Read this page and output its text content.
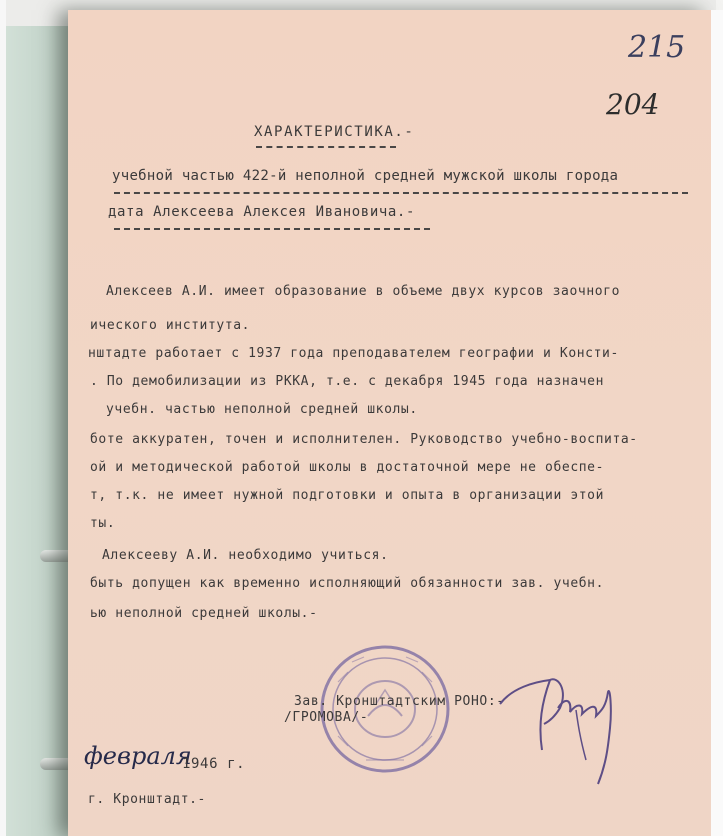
215

204

ХАРАКТЕРИСТИКА.-

учебной частью 422-й неполной средней мужской школы города

дата Алексеева Алексея Ивановича.-

Алексеев А.И. имеет образование в объеме двух курсов заочного

ического института.

нштадте работает с 1937 года преподавателем географии и Консти-

. По демобилизации из РККА, т.е. с декабря 1945 года назначен

учебн. частью неполной средней школы.

боте аккуратен, точен и исполнителен. Руководство учебно-воспита-

ой и методической работой школы в достаточной мере не обеспе-

т, т.к. не имеет нужной подготовки и опыта в организации этой

ты.

Алексееву А.И. необходимо учиться.

быть допущен как временно исполняющий обязанности зав. учебн.

ью неполной средней школы.-

Зав. Кронштадтским РОНО:-

/ГРОМОВА/-

февраля

1946 г.

г. Кронштадт.-
